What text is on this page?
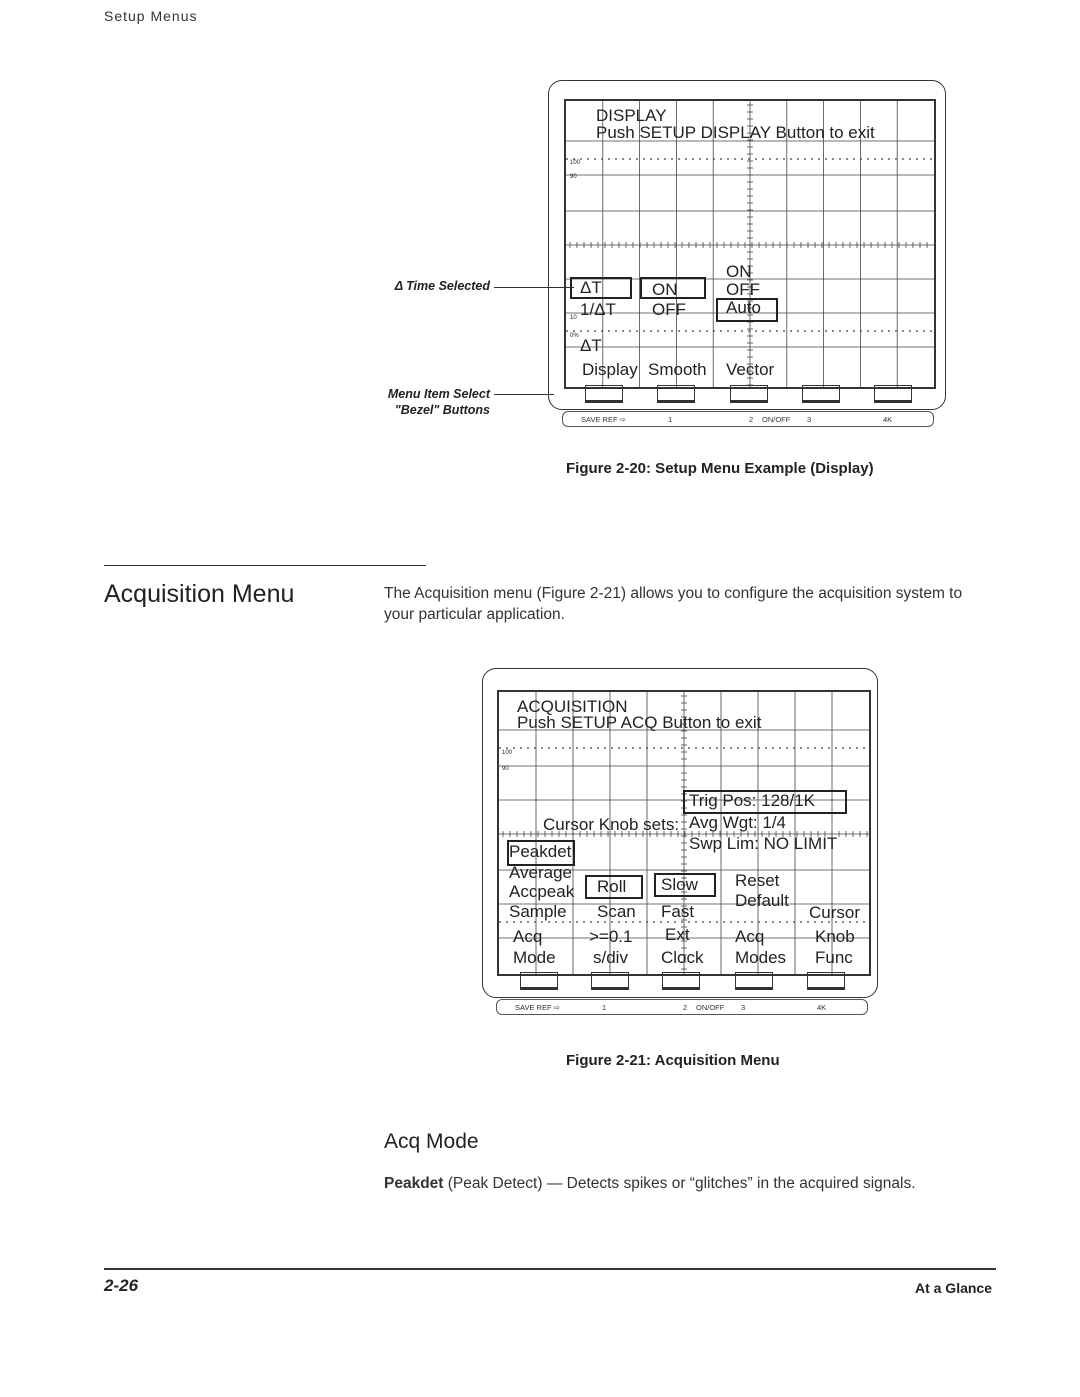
Setup Menus
Δ Time Selected
Menu Item Select
"Bezel" Buttons
DISPLAY
Push SETUP DISPLAY Button to exit
100
90
10
0%
ΔT
1/ΔT
ΔT
Display
ON
OFF
Smooth
ON
OFF
Auto
Vector
SAVE REF ⇨	1	2 ON/OFF 3	4K
Figure 2-20: Setup Menu Example (Display)
Acquisition Menu	The Acquisition menu (Figure 2-21) allows you to configure the acquisition system to your particular application.
ACQUISITION
Push SETUP ACQ Button to exit
100
90
Cursor Knob sets:
Trig Pos: 128/1K
Avg Wgt: 1/4
Swp Lim: NO LIMIT
Peakdet
Average
Accpeak
Sample
Acq
Mode
Roll
Scan
>=0.1
s/div
Slow
Fast
Ext
Clock
Reset
Default
Acq
Modes
Cursor
Knob
Func
SAVE REF ⇨	1	2 ON/OFF 3	4K
Figure 2-21: Acquisition Menu
Acq Mode
Peakdet (Peak Detect) — Detects spikes or “glitches” in the acquired signals.
2-26	At a Glance
